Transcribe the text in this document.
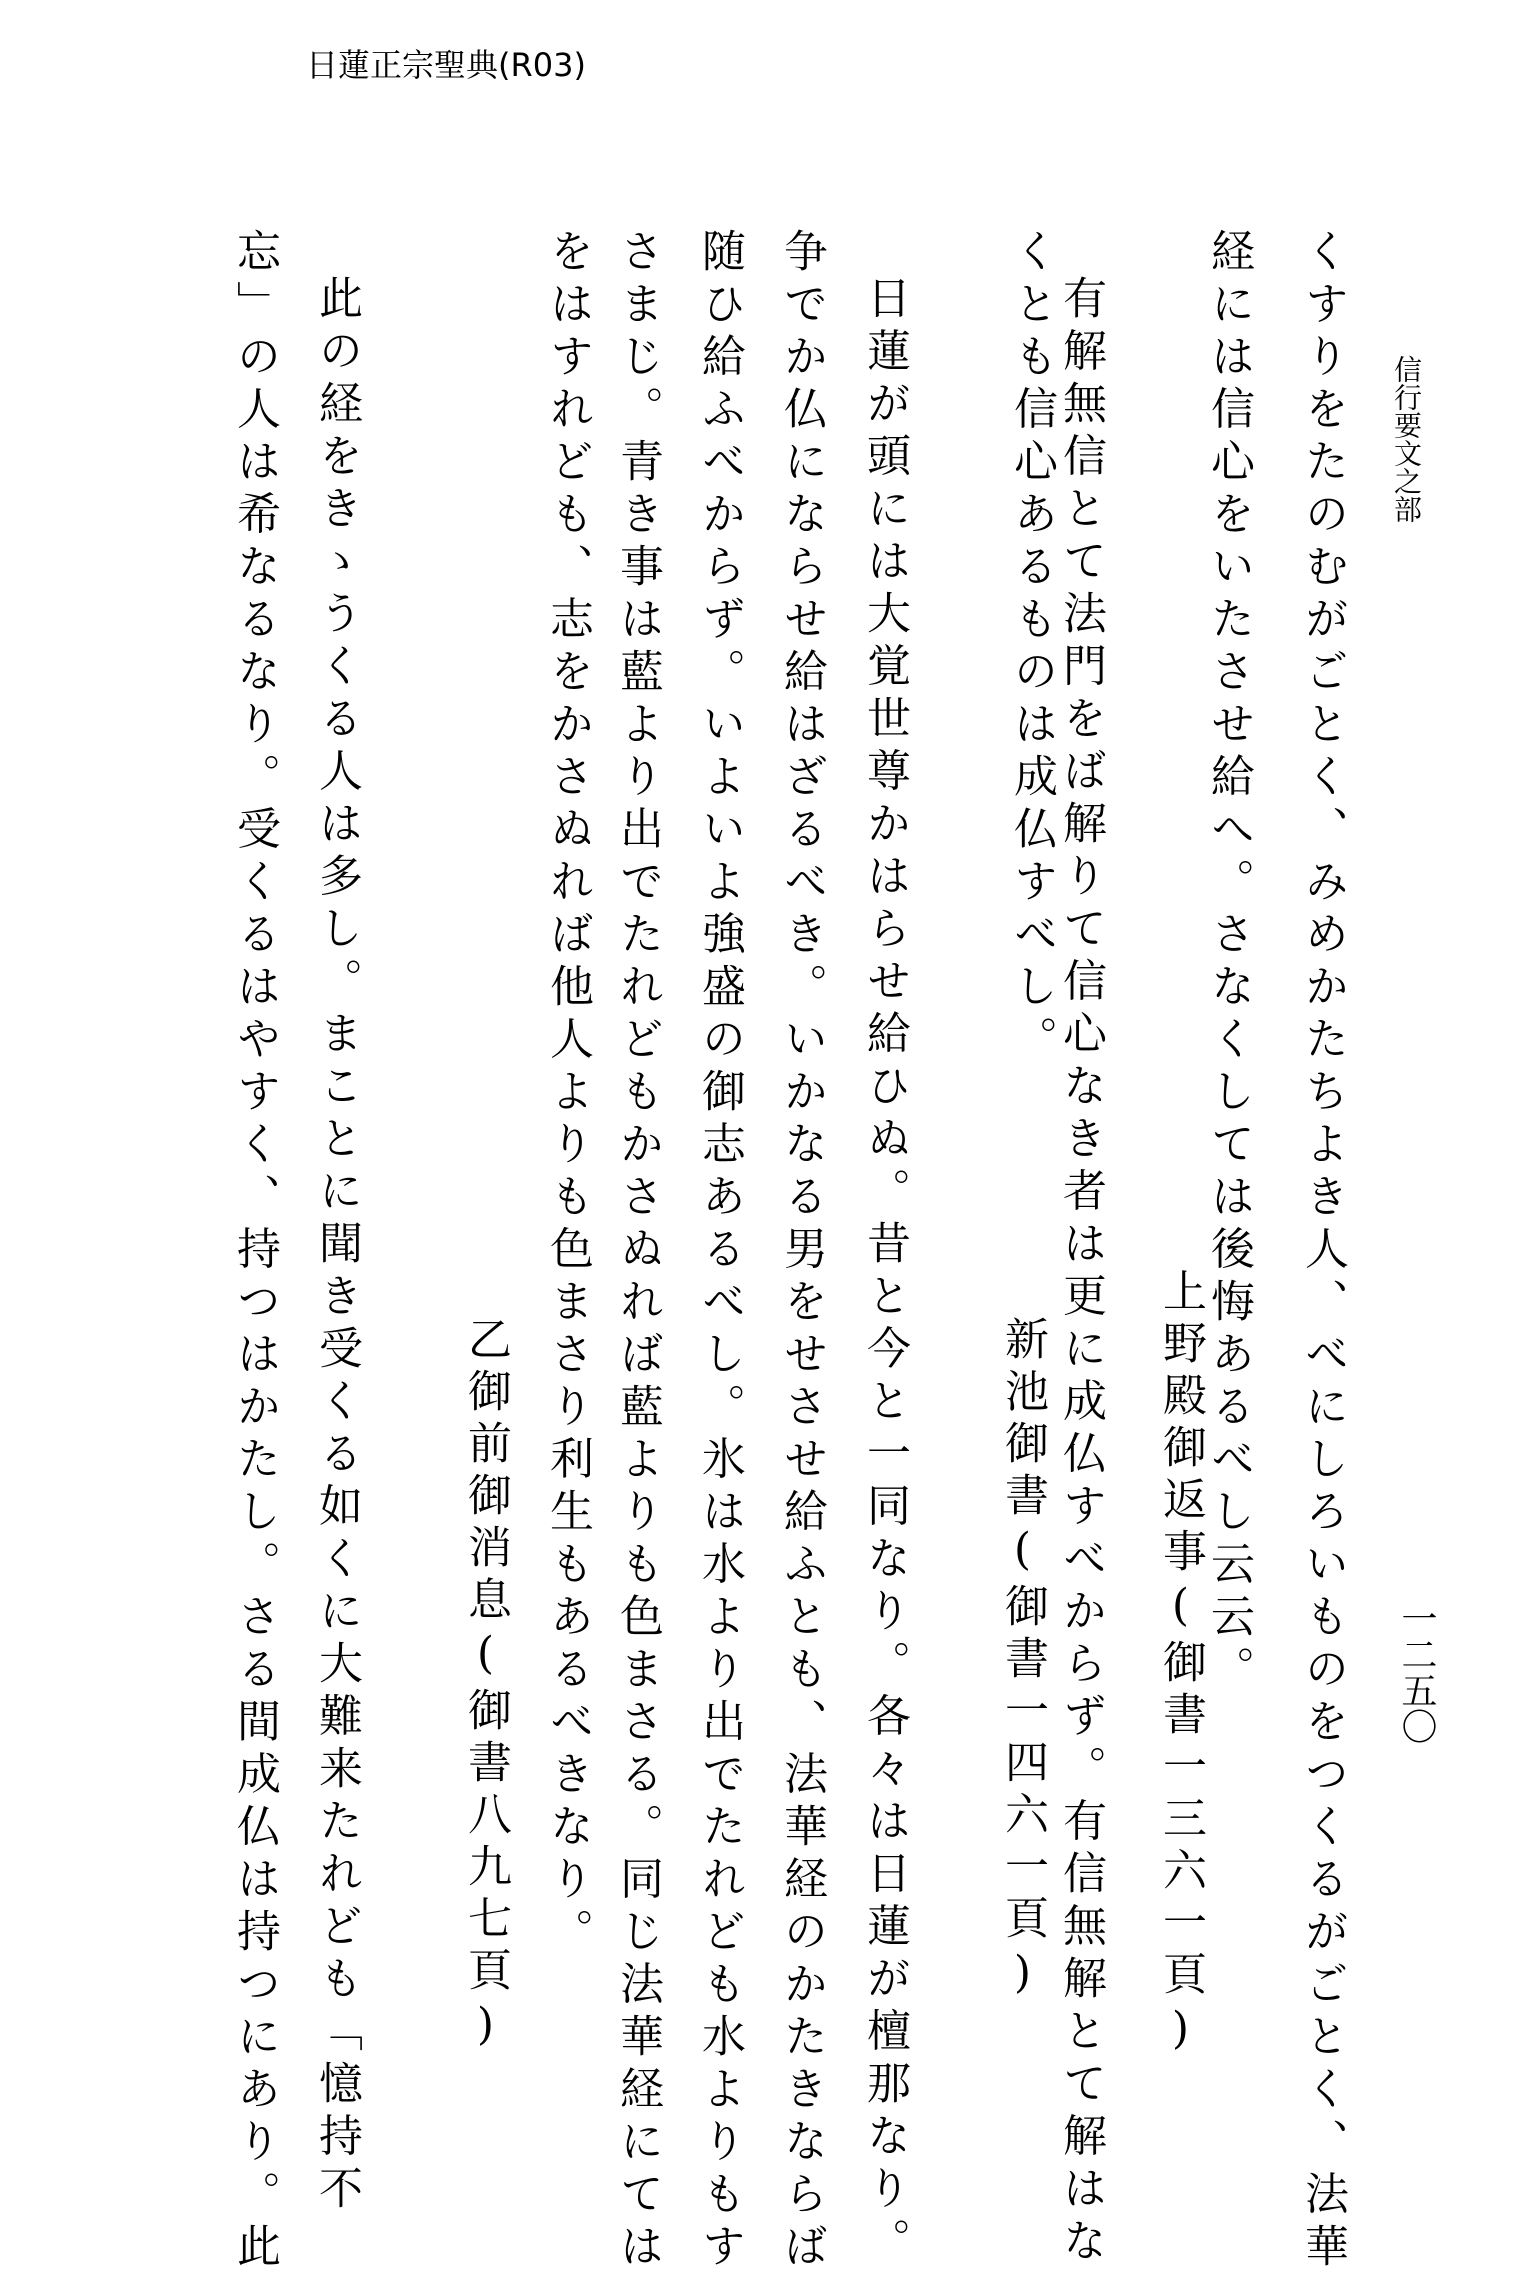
日蓮正宗聖典(R03)
信行要文之部
一二五〇
くすりをたのむがごとく、みめかたちよき人、べにしろいものをつくるがごとく、法華
経には信心をいたさせ給へ。さなくしては後悔あるべし云云。
上野殿御返事(御書一三六一頁)
有解無信とて法門をば解りて信心なき者は更に成仏すべからず。有信無解とて解はな
くとも信心あるものは成仏すべし。
新池御書(御書一四六一頁)
日蓮が頭には大覚世尊かはらせ給ひぬ。昔と今と一同なり。各々は日蓮が檀那なり。
争でか仏にならせ給はざるべき。いかなる男をせさせ給ふとも、法華経のかたきならば
随ひ給ふべからず。いよいよ強盛の御志あるべし。氷は水より出でたれども水よりもす
さまじ。青き事は藍より出でたれどもかさぬれば藍よりも色まさる。同じ法華経にては
をはすれども、志をかさぬれば他人よりも色まさり利生もあるべきなり。
乙御前御消息(御書八九七頁)
此の経をきゝうくる人は多し。まことに聞き受くる如くに大難来たれども「憶持不
忘」の人は希なるなり。受くるはやすく、持つはかたし。さる間成仏は持つにあり。此
